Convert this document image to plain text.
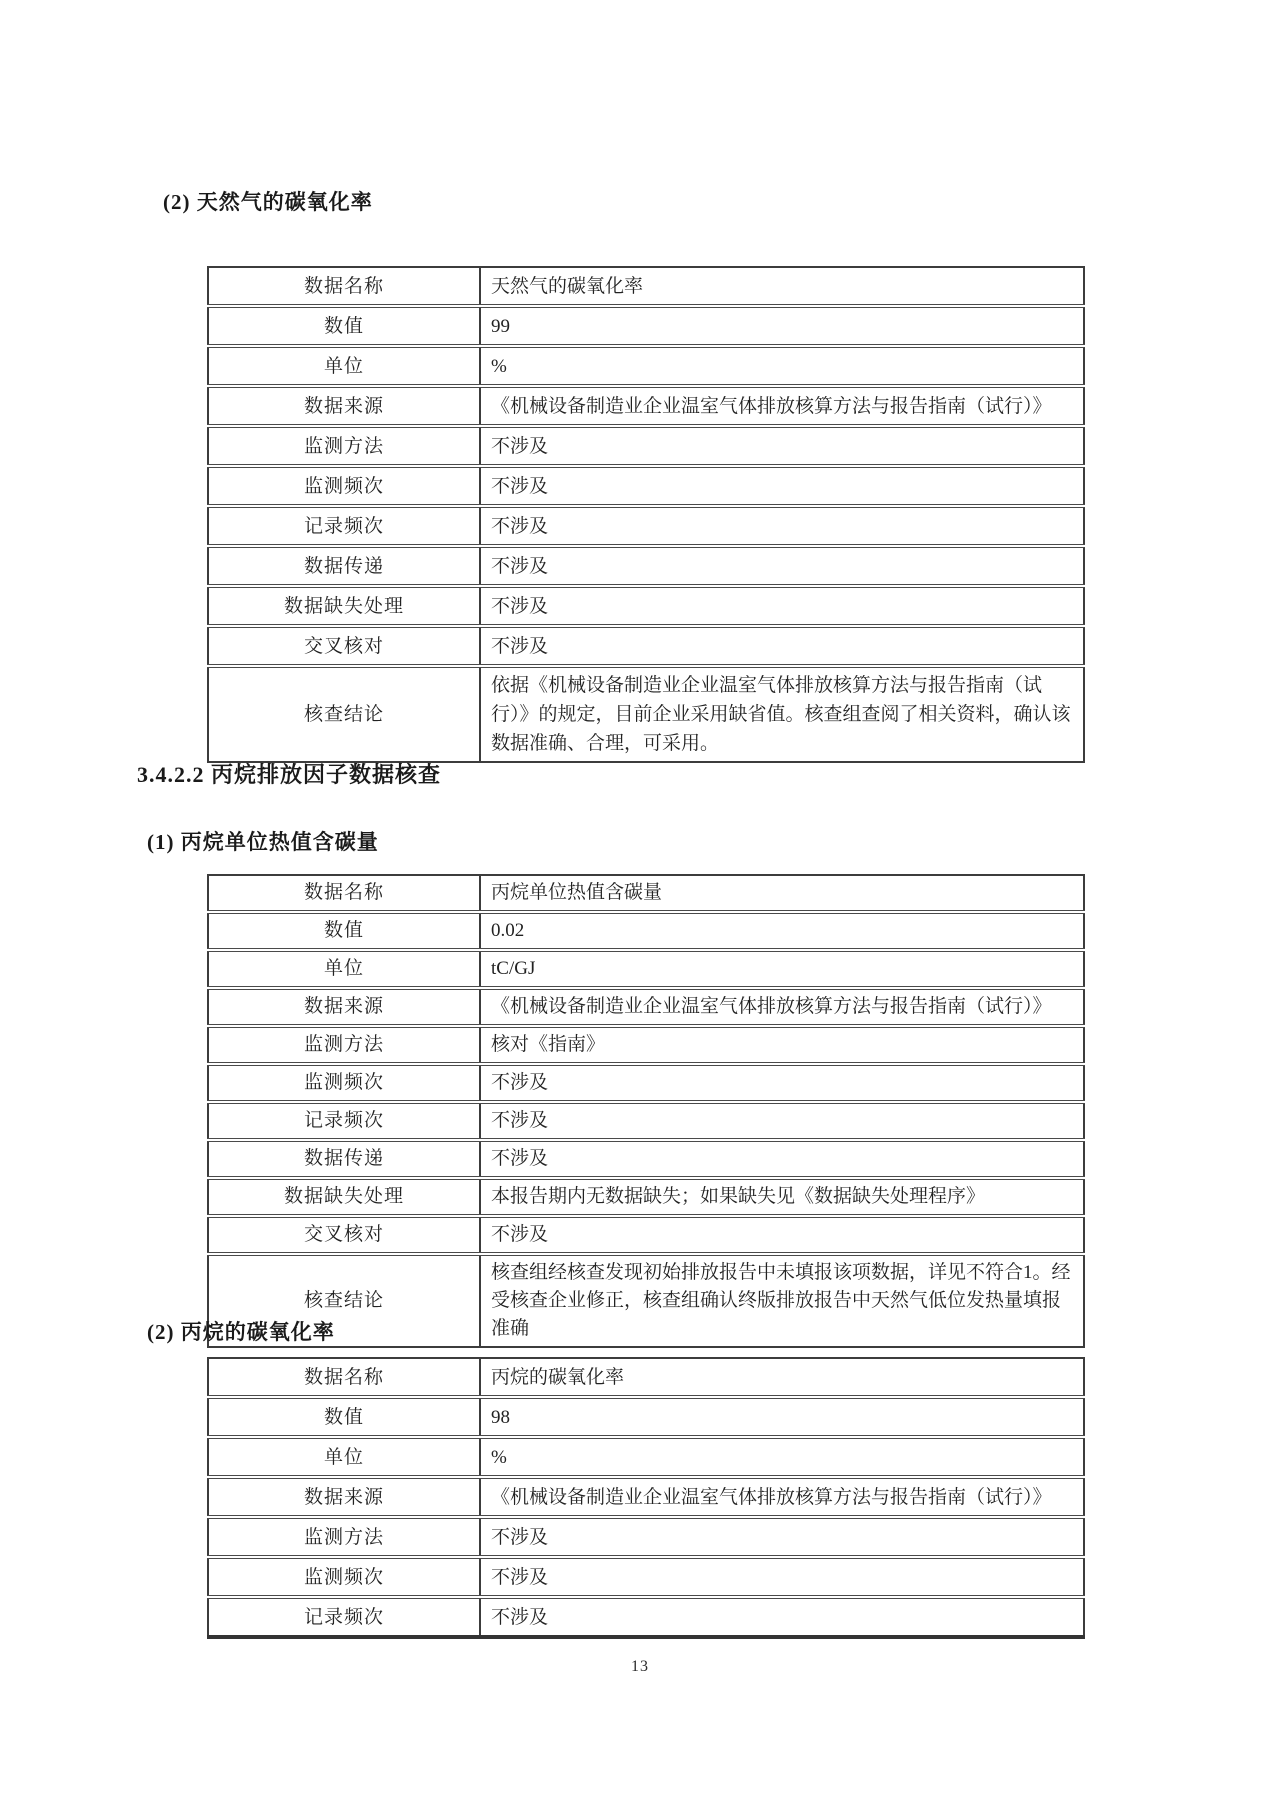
(2) 天然气的碳氧化率
数据名称	天然气的碳氧化率
数值	99
单位	%
数据来源	《机械设备制造业企业温室气体排放核算方法与报告指南（试行）》
监测方法	不涉及
监测频次	不涉及
记录频次	不涉及
数据传递	不涉及
数据缺失处理	不涉及
交叉核对	不涉及
核查结论	依据《机械设备制造业企业温室气体排放核算方法与报告指南（试行）》的规定，目前企业采用缺省值。核查组查阅了相关资料，确认该数据准确、合理，可采用。
3.4.2.2 丙烷排放因子数据核查
(1) 丙烷单位热值含碳量
数据名称	丙烷单位热值含碳量
数值	0.02
单位	tC/GJ
数据来源	《机械设备制造业企业温室气体排放核算方法与报告指南（试行）》
监测方法	核对《指南》
监测频次	不涉及
记录频次	不涉及
数据传递	不涉及
数据缺失处理	本报告期内无数据缺失；如果缺失见《数据缺失处理程序》
交叉核对	不涉及
核查结论	核查组经核查发现初始排放报告中未填报该项数据，详见不符合1。经受核查企业修正，核查组确认终版排放报告中天然气低位发热量填报准确
(2) 丙烷的碳氧化率
数据名称	丙烷的碳氧化率
数值	98
单位	%
数据来源	《机械设备制造业企业温室气体排放核算方法与报告指南（试行）》
监测方法	不涉及
监测频次	不涉及
记录频次	不涉及
13
